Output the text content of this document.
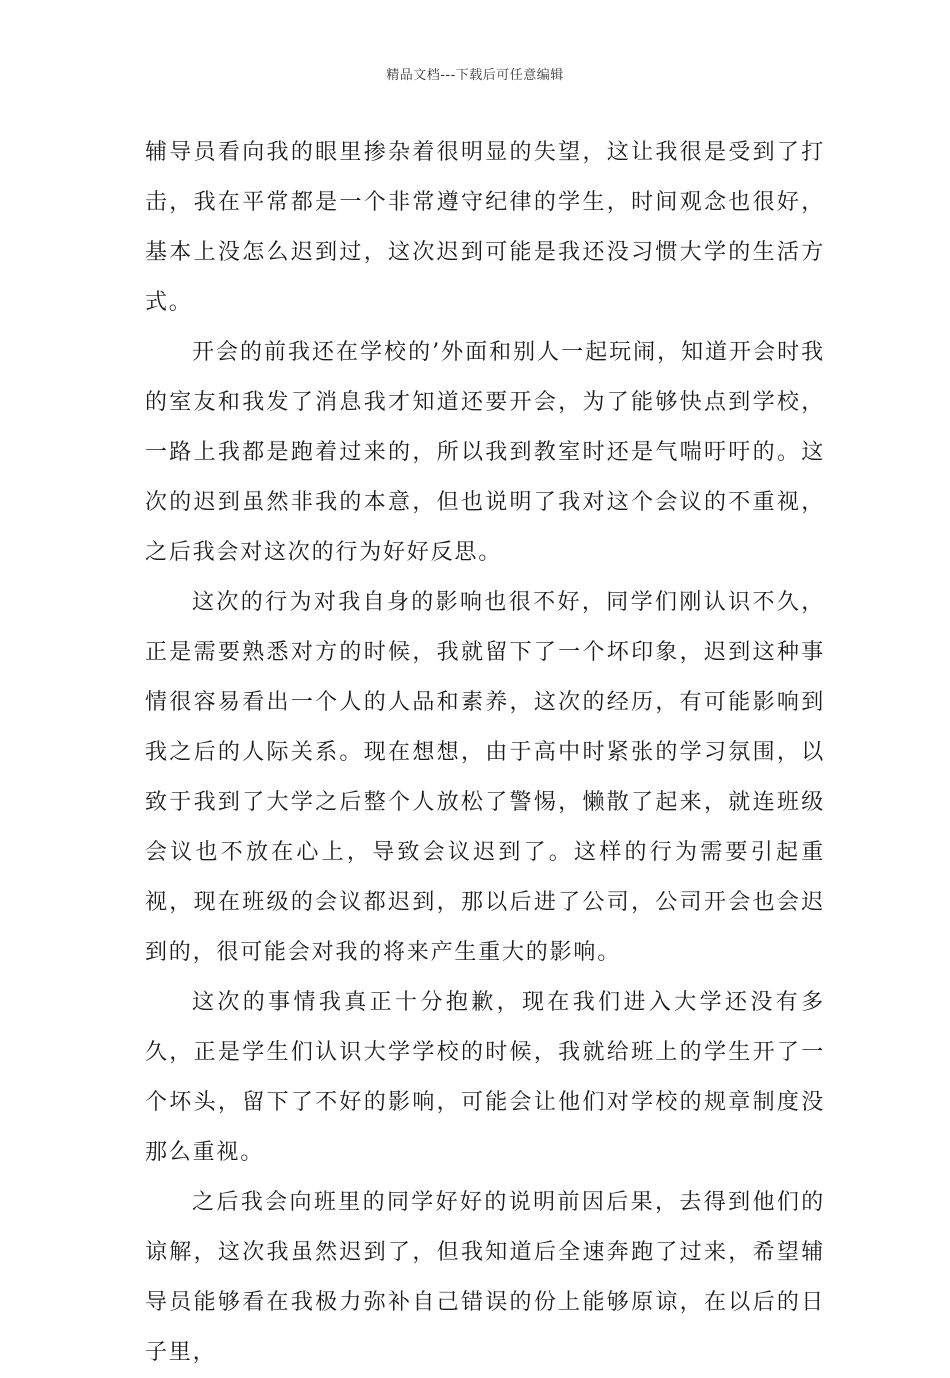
精品文档---下载后可任意编辑

辅导员看向我的眼里掺杂着很明显的失望，这让我很是受到了打击，我在平常都是一个非常遵守纪律的学生，时间观念也很好，基本上没怎么迟到过，这次迟到可能是我还没习惯大学的生活方式。

开会的前我还在学校的’外面和别人一起玩闹，知道开会时我的室友和我发了消息我才知道还要开会，为了能够快点到学校，一路上我都是跑着过来的，所以我到教室时还是气喘吁吁的。这次的迟到虽然非我的本意，但也说明了我对这个会议的不重视，之后我会对这次的行为好好反思。

这次的行为对我自身的影响也很不好，同学们刚认识不久，正是需要熟悉对方的时候，我就留下了一个坏印象，迟到这种事情很容易看出一个人的人品和素养，这次的经历，有可能影响到我之后的人际关系。现在想想，由于高中时紧张的学习氛围，以致于我到了大学之后整个人放松了警惕，懒散了起来，就连班级会议也不放在心上，导致会议迟到了。这样的行为需要引起重视，现在班级的会议都迟到，那以后进了公司，公司开会也会迟到的，很可能会对我的将来产生重大的影响。

这次的事情我真正十分抱歉，现在我们进入大学还没有多久，正是学生们认识大学学校的时候，我就给班上的学生开了一个坏头，留下了不好的影响，可能会让他们对学校的规章制度没那么重视。

之后我会向班里的同学好好的说明前因后果，去得到他们的谅解，这次我虽然迟到了，但我知道后全速奔跑了过来，希望辅导员能够看在我极力弥补自己错误的份上能够原谅，在以后的日子里，
